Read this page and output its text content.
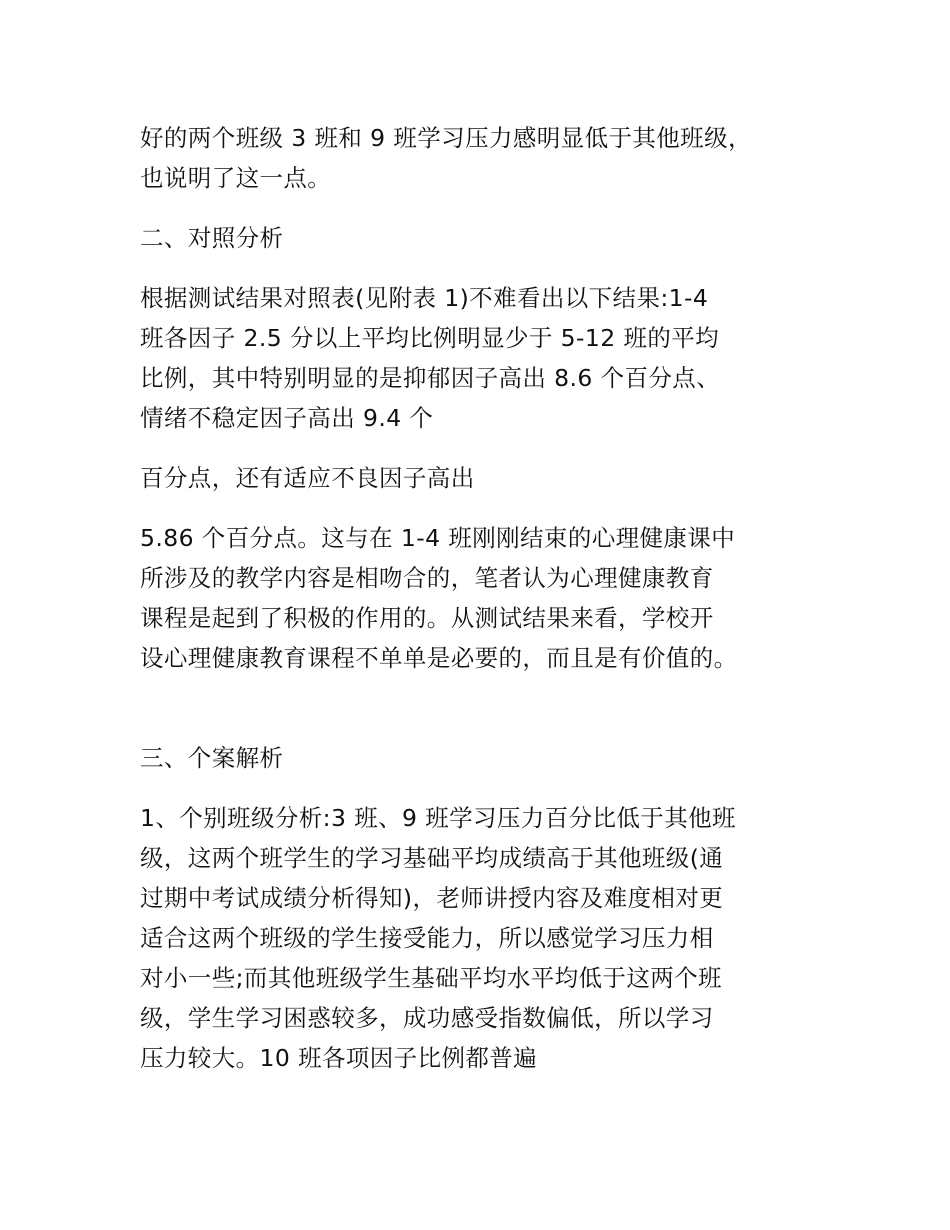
好的两个班级 3 班和 9 班学习压力感明显低于其他班级，
也说明了这一点。
二、对照分析
根据测试结果对照表(见附表 1)不难看出以下结果:1-4
班各因子 2.5 分以上平均比例明显少于 5-12 班的平均
比例，其中特别明显的是抑郁因子高出 8.6 个百分点、
情绪不稳定因子高出 9.4 个
百分点，还有适应不良因子高出
5.86 个百分点。这与在 1-4 班刚刚结束的心理健康课中
所涉及的教学内容是相吻合的，笔者认为心理健康教育
课程是起到了积极的作用的。从测试结果来看，学校开
设心理健康教育课程不单单是必要的，而且是有价值的。
三、个案解析
1、个别班级分析:3 班、9 班学习压力百分比低于其他班
级，这两个班学生的学习基础平均成绩高于其他班级(通
过期中考试成绩分析得知)，老师讲授内容及难度相对更
适合这两个班级的学生接受能力，所以感觉学习压力相
对小一些;而其他班级学生基础平均水平均低于这两个班
级，学生学习困惑较多，成功感受指数偏低，所以学习
压力较大。10 班各项因子比例都普遍
